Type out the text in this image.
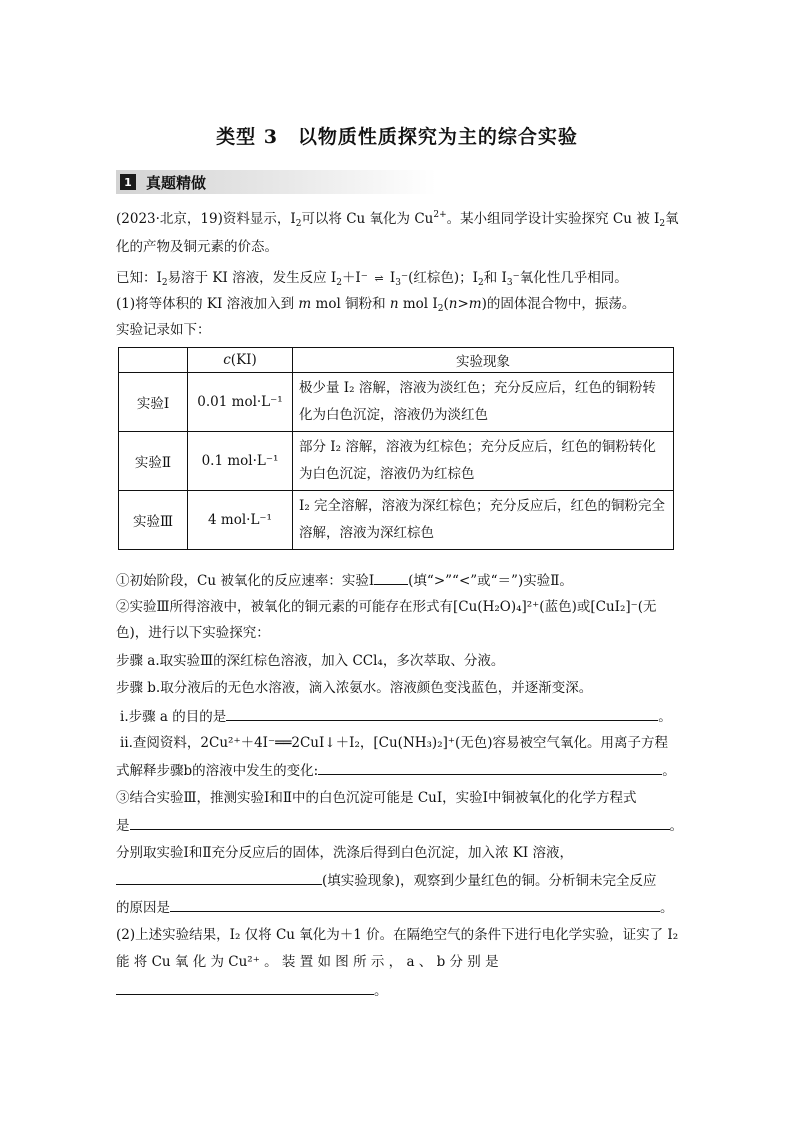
类型 3　以物质性质探究为主的综合实验
1 真题精做
(2023·北京，19)资料显示，$I_2$可以将 Cu 氧化为 $Cu^{2+}$。某小组同学设计实验探究 Cu 被 $I_2$氧
化的产物及铜元素的价态。
已知：$I_2$易溶于 KI 溶液，发生反应 $I_2+I^-$ ⇌ $I_3^-$(红棕色)；$I_2$和 $I_3^-$氧化性几乎相同。
(1)将等体积的 KI 溶液加入到 m mol 铜粉和 n mol $I_2(n>m)$的固体混合物中，振荡。
实验记录如下：
	c(KI)	实验现象
实验Ⅰ	0.01 mol·L⁻¹	极少量 I₂ 溶解，溶液为淡红色；充分反应后，红色的铜粉转化为白色沉淀，溶液仍为淡红色
实验Ⅱ	0.1 mol·L⁻¹	部分 I₂ 溶解，溶液为红棕色；充分反应后，红色的铜粉转化为白色沉淀，溶液仍为红棕色
实验Ⅲ	4 mol·L⁻¹	I₂ 完全溶解，溶液为深红棕色；充分反应后，红色的铜粉完全溶解，溶液为深红棕色
①初始阶段，Cu 被氧化的反应速率：实验Ⅰ	(填“>”“<”或“＝”)实验Ⅱ。
②实验Ⅲ所得溶液中，被氧化的铜元素的可能存在形式有[Cu(H₂O)₄]²⁺(蓝色)或[CuI₂]⁻(无
色)，进行以下实验探究：
步骤 a.取实验Ⅲ的深红棕色溶液，加入 CCl₄，多次萃取、分液。
步骤 b.取分液后的无色水溶液，滴入浓氨水。溶液颜色变浅蓝色，并逐渐变深。
ⅰ.步骤 a 的目的是	。
ⅱ.查阅资料，2Cu²⁺＋4I⁻══2CuI↓＋I₂，[Cu(NH₃)₂]⁺(无色)容易被空气氧化。用离子方程
式解释步骤b的溶液中发生的变化:	。
③结合实验Ⅲ，推测实验Ⅰ和Ⅱ中的白色沉淀可能是 CuI，实验Ⅰ中铜被氧化的化学方程式
是	。
分别取实验Ⅰ和Ⅱ充分反应后的固体，洗涤后得到白色沉淀，加入浓 KI 溶液，
(填实验现象)，观察到少量红色的铜。分析铜未完全反应
的原因是	。
(2)上述实验结果，I₂ 仅将 Cu 氧化为＋1 价。在隔绝空气的条件下进行电化学实验，证实了 I₂
能 将 Cu 氧 化 为 Cu²⁺ 。 装 置 如 图 所 示 ， a 、 b 分 别 是
。
